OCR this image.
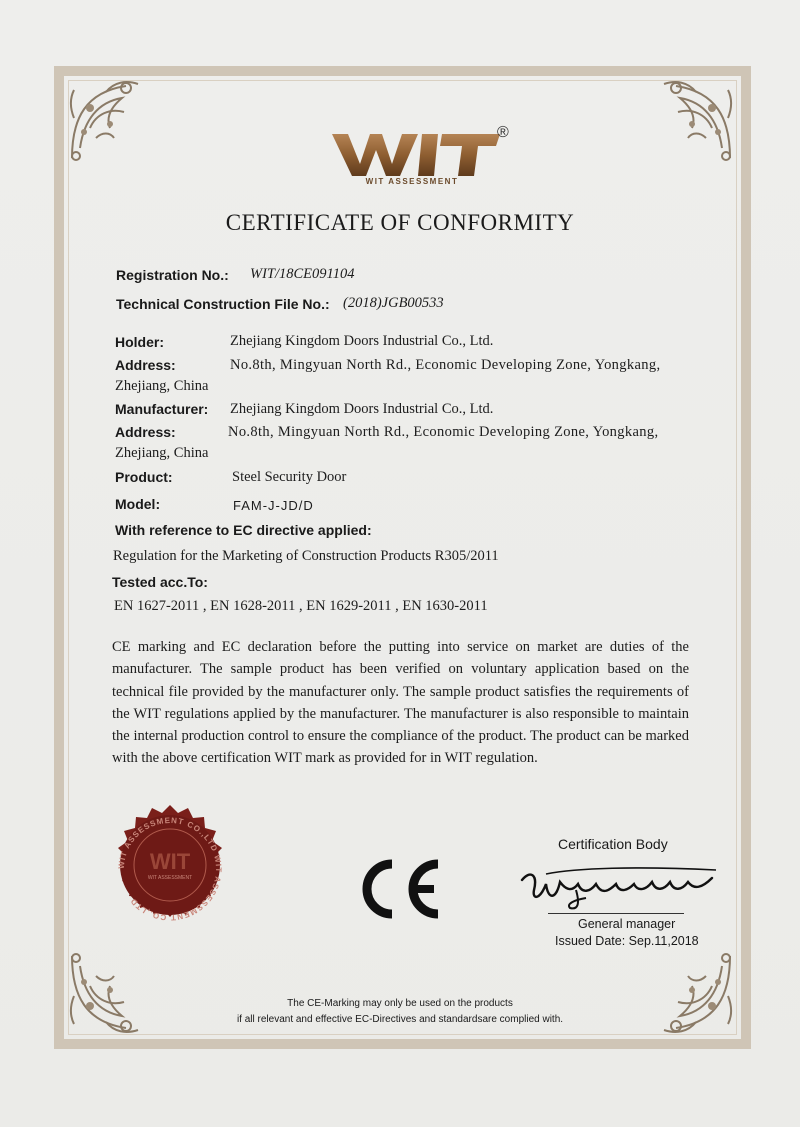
®
WIT ASSESSMENT
CERTIFICATE OF CONFORMITY
Registration No.: WIT/18CE091104
Technical Construction File No.: (2018)JGB00533
Holder:	Zhejiang Kingdom Doors Industrial Co., Ltd.
Address:	No.8th, Mingyuan North Rd., Economic Developing Zone, Yongkang,
Zhejiang, China
Manufacturer: Zhejiang Kingdom Doors Industrial Co., Ltd.
Address:	No.8th, Mingyuan North Rd., Economic Developing Zone, Yongkang,
Zhejiang, China
Product:	Steel Security Door
Model:	FAM-J-JD/D
With reference to EC directive applied:
Regulation for the Marketing of Construction Products R305/2011
Tested acc.To:
EN 1627-2011 , EN 1628-2011 , EN 1629-2011 , EN 1630-2011
CE marking and EC declaration before the putting into service on market are duties of the manufacturer. The sample product has been verified on voluntary application based on the technical file provided by the manufacturer only. The sample product satisfies the requirements of the WIT regulations applied by the manufacturer. The manufacturer is also responsible to maintain the internal production control to ensure the compliance of the product. The product can be marked with the above certification WIT mark as provided for in WIT regulation.
WIT ASSESSMENT CO.,LTD WIT ASSESSMENT CO.,LTD
WIT
WIT ASSESSMENT
Certification Body
General manager
Issued Date: Sep.11,2018
The CE-Marking may only be used on the products
if all relevant and effective EC-Directives and standardsare complied with.
